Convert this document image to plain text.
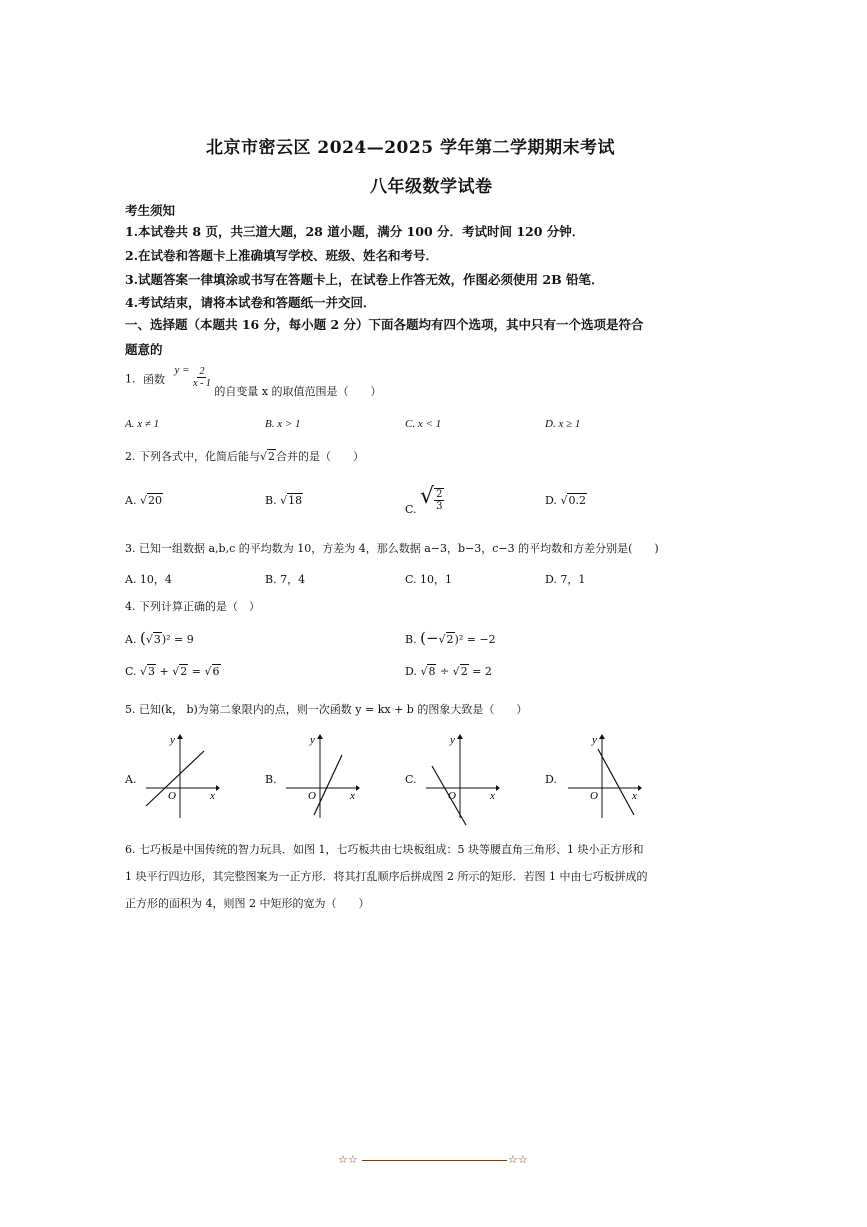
北京市密云区 2024—2025 学年第二学期期末考试
八年级数学试卷
考生须知
1.本试卷共 8 页，共三道大题，28 道小题，满分 100 分．考试时间 120 分钟．
2.在试卷和答题卡上准确填写学校、班级、姓名和考号．
3.试题答案一律填涂或书写在答题卡上，在试卷上作答无效，作图必须使用 2B 铅笔．
4.考试结束，请将本试卷和答题纸一并交回．
一、选择题（本题共 16 分，每小题 2 分）下面各题均有四个选项，其中只有一个选项是符合
题意的
1. 函数 $y = \frac{2}{x - 1}$
的自变量 x 的取值范围是（　　）
A. x ≠ 1	B. x > 1	C. x < 1	D. x ≥ 1
2. 下列各式中，化简后能与√2合并的是（　　）
A. √20	B. √18
C. √ $\frac{2}{3}$	D. √0.2
3. 已知一组数据 a,b,c 的平均数为 10，方差为 4，那么数据 a−3，b−3，c−3 的平均数和方差分别是(　　)
A. 10，4	B. 7，4	C. 10，1	D. 7，1
4. 下列计算正确的是（　）
A. (√3)² = 9	B. (−√2)² = −2
C. √3 + √2 = √6	D. √8 ÷ √2 = 2
5. 已知(k， b)为第二象限内的点，则一次函数 y = kx + b 的图象大致是（　　）
A.
y
x
O
B.
y
x
O
C.
y
x
O
D.
y
x
O
6. 七巧板是中国传统的智力玩具．如图 1，七巧板共由七块板组成：5 块等腰直角三角形、1 块小正方形和
1 块平行四边形，其完整图案为一正方形．将其打乱顺序后拼成图 2 所示的矩形．若图 1 中由七巧板拼成的
正方形的面积为 4，则图 2 中矩形的宽为（　　）
☆☆	☆☆
